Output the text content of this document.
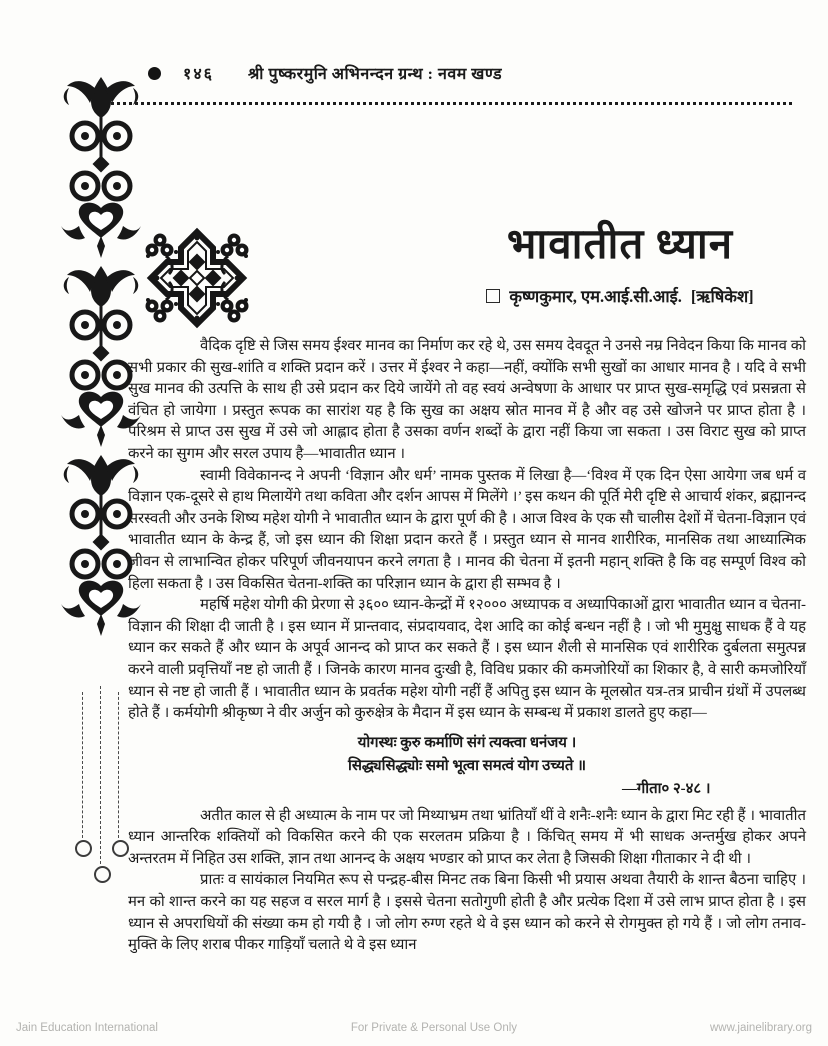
१४६ श्री पुष्करमुनि अभिनन्दन ग्रन्थ : नवम खण्ड
भावातीत ध्यान
कृष्णकुमार, एम.आई.सी.आई. [ऋषिकेश]

वैदिक दृष्टि से जिस समय ईश्वर मानव का निर्माण कर रहे थे, उस समय देवदूत ने उनसे नम्र निवेदन किया कि मानव को सभी प्रकार की सुख-शांति व शक्ति प्रदान करें । उत्तर में ईश्वर ने कहा—नहीं, क्योंकि सभी सुखों का आधार मानव है । यदि वे सभी सुख मानव की उत्पत्ति के साथ ही उसे प्रदान कर दिये जायेंगे तो वह स्वयं अन्वेषणा के आधार पर प्राप्त सुख-समृद्धि एवं प्रसन्नता से वंचित हो जायेगा । प्रस्तुत रूपक का सारांश यह है कि सुख का अक्षय स्रोत मानव में है और वह उसे खोजने पर प्राप्त होता है । परिश्रम से प्राप्त उस सुख में उसे जो आह्लाद होता है उसका वर्णन शब्दों के द्वारा नहीं किया जा सकता । उस विराट सुख को प्राप्त करने का सुगम और सरल उपाय है—भावातीत ध्यान ।

स्वामी विवेकानन्द ने अपनी ‘विज्ञान और धर्म’ नामक पुस्तक में लिखा है—‘विश्व में एक दिन ऐसा आयेगा जब धर्म व विज्ञान एक-दूसरे से हाथ मिलायेंगे तथा कविता और दर्शन आपस में मिलेंगे ।’ इस कथन की पूर्ति मेरी दृष्टि से आचार्य शंकर, ब्रह्मानन्द सरस्वती और उनके शिष्य महेश योगी ने भावातीत ध्यान के द्वारा पूर्ण की है । आज विश्व के एक सौ चालीस देशों में चेतना-विज्ञान एवं भावातीत ध्यान के केन्द्र हैं, जो इस ध्यान की शिक्षा प्रदान करते हैं । प्रस्तुत ध्यान से मानव शारीरिक, मानसिक तथा आध्यात्मिक जीवन से लाभान्वित होकर परिपूर्ण जीवनयापन करने लगता है । मानव की चेतना में इतनी महान् शक्ति है कि वह सम्पूर्ण विश्व को हिला सकता है । उस विकसित चेतना-शक्ति का परिज्ञान ध्यान के द्वारा ही सम्भव है ।

महर्षि महेश योगी की प्रेरणा से ३६०० ध्यान-केन्द्रों में १२००० अध्यापक व अध्यापिकाओं द्वारा भावातीत ध्यान व चेतना-विज्ञान की शिक्षा दी जाती है । इस ध्यान में प्रान्तवाद, संप्रदायवाद, देश आदि का कोई बन्धन नहीं है । जो भी मुमुक्षु साधक हैं वे यह ध्यान कर सकते हैं और ध्यान के अपूर्व आनन्द को प्राप्त कर सकते हैं । इस ध्यान शैली से मानसिक एवं शारीरिक दुर्बलता समुत्पन्न करने वाली प्रवृत्तियाँ नष्ट हो जाती हैं । जिनके कारण मानव दुःखी है, विविध प्रकार की कमजोरियों का शिकार है, वे सारी कमजोरियाँ ध्यान से नष्ट हो जाती हैं । भावातीत ध्यान के प्रवर्तक महेश योगी नहीं हैं अपितु इस ध्यान के मूलस्रोत यत्र-तत्र प्राचीन ग्रंथों में उपलब्ध होते हैं । कर्मयोगी श्रीकृष्ण ने वीर अर्जुन को कुरुक्षेत्र के मैदान में इस ध्यान के सम्बन्ध में प्रकाश डालते हुए कहा—

योगस्थः कुरु कर्माणि संगं त्यक्त्वा धनंजय ।
सिद्ध्यसिद्ध्योः समो भूत्वा समत्वं योग उच्यते ॥
—गीता० २-४८ ।

अतीत काल से ही अध्यात्म के नाम पर जो मिथ्याभ्रम तथा भ्रांतियाँ थीं वे शनैः-शनैः ध्यान के द्वारा मिट रही हैं । भावातीत ध्यान आन्तरिक शक्तियों को विकसित करने की एक सरलतम प्रक्रिया है । किंचित् समय में भी साधक अन्तर्मुख होकर अपने अन्तरतम में निहित उस शक्ति, ज्ञान तथा आनन्द के अक्षय भण्डार को प्राप्त कर लेता है जिसकी शिक्षा गीताकार ने दी थी ।

प्रातः व सायंकाल नियमित रूप से पन्द्रह-बीस मिनट तक बिना किसी भी प्रयास अथवा तैयारी के शान्त बैठना चाहिए । मन को शान्त करने का यह सहज व सरल मार्ग है । इससे चेतना सतोगुणी होती है और प्रत्येक दिशा में उसे लाभ प्राप्त होता है । इस ध्यान से अपराधियों की संख्या कम हो गयी है । जो लोग रुग्ण रहते थे वे इस ध्यान को करने से रोगमुक्त हो गये हैं । जो लोग तनाव-मुक्ति के लिए शराब पीकर गाड़ियाँ चलाते थे वे इस ध्यान

Jain Education International	For Private & Personal Use Only	www.jainelibrary.org
